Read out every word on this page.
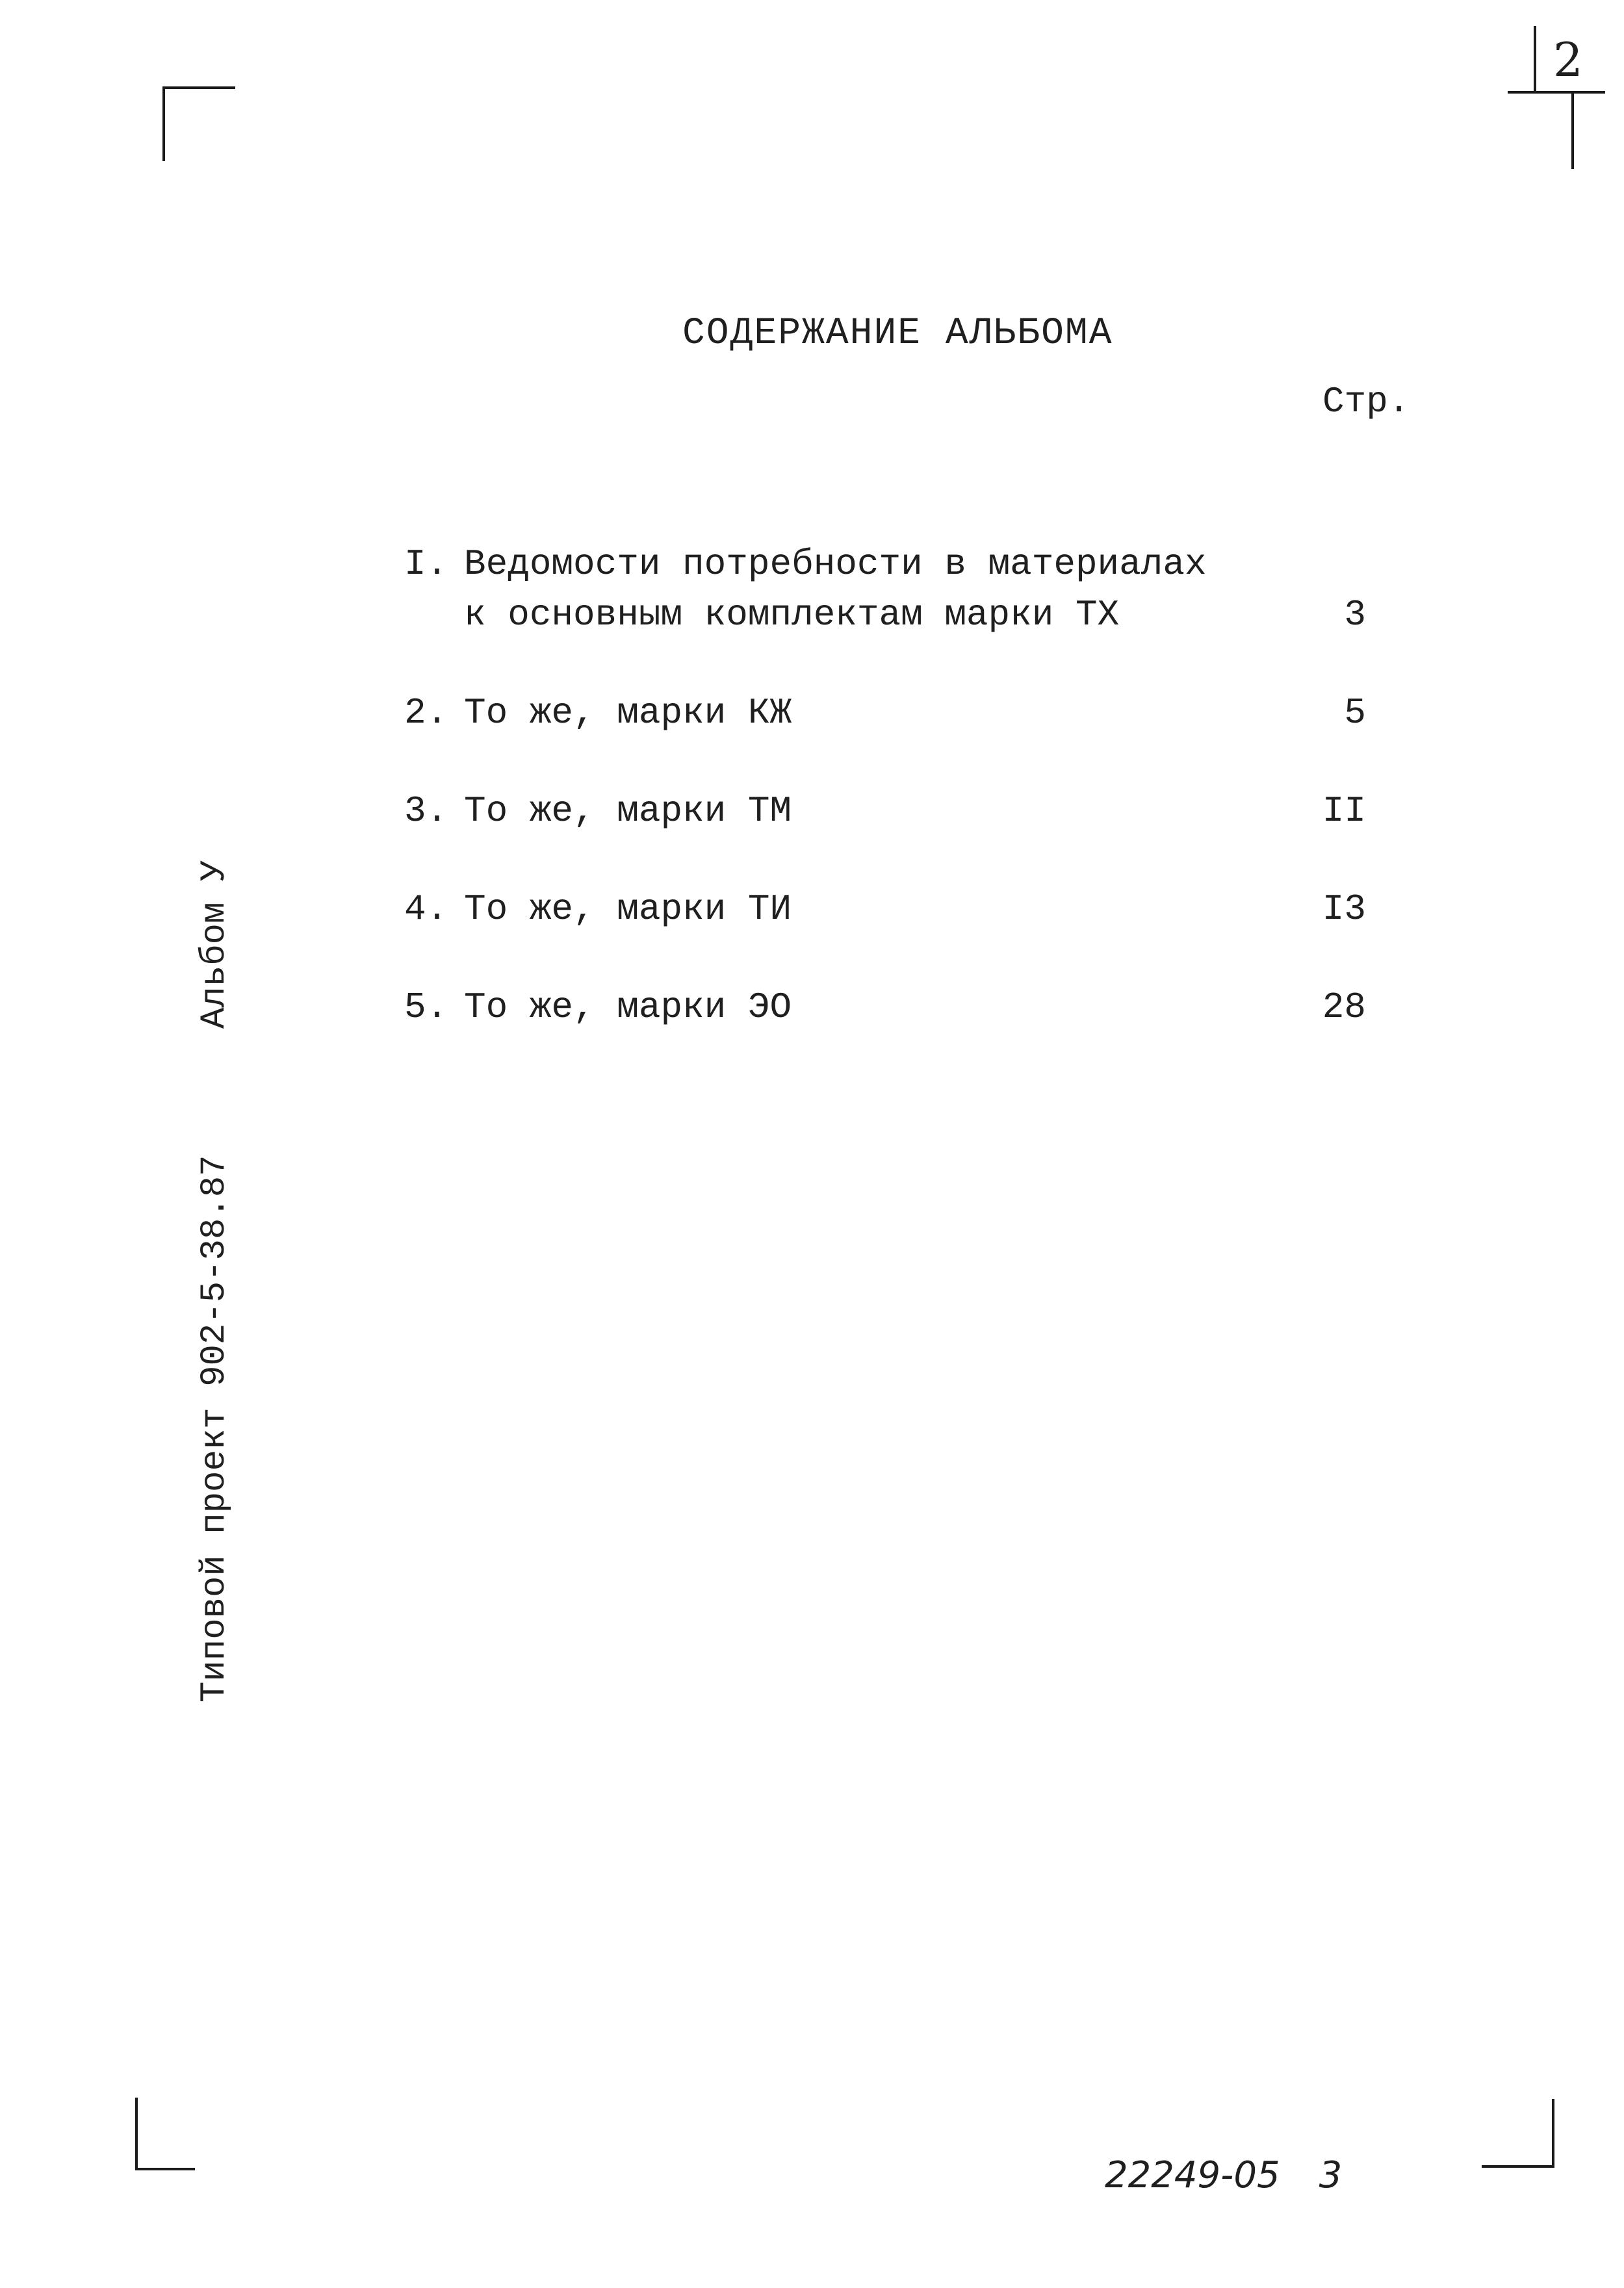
2
СОДЕРЖАНИЕ АЛЬБОМА
Стр.
I. Ведомости потребности в материалах
к основным комплектам марки ТХ	3
2. То же, марки КЖ	5
3. То же, марки ТМ	II
4. То же, марки ТИ	I3
5. То же, марки ЭО	28
Типовой проект 902-5-38.87      Альбом У
22249-05 3
